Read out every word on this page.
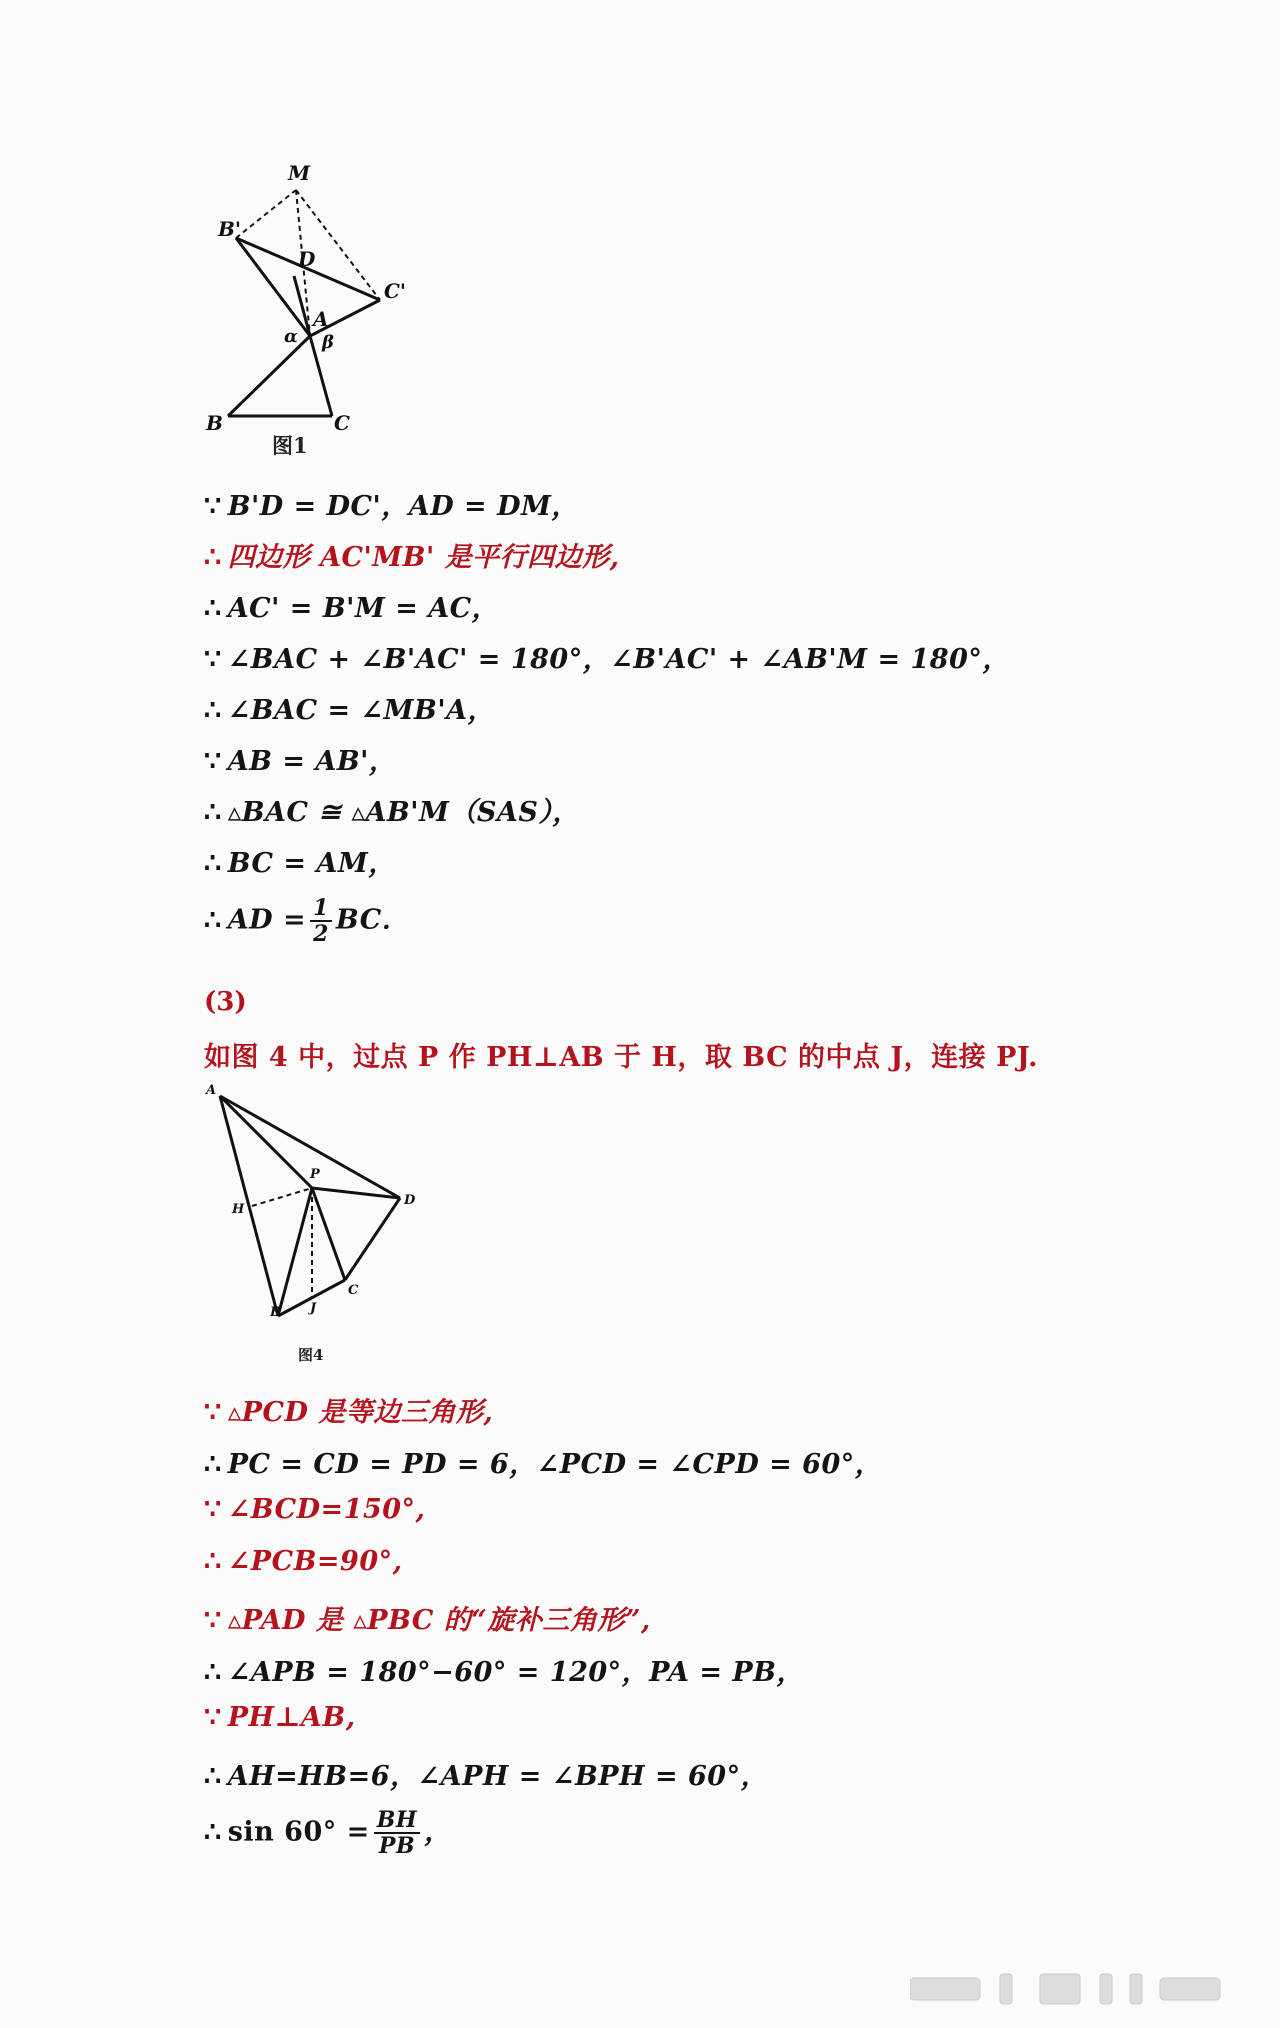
M
B'
D
C'
A
α β
B	C
图1
∵ B'D = DC'，AD = DM，
∴ 四边形 AC'MB' 是平行四边形,
∴ AC' = B'M = AC，
∵ ∠BAC + ∠B'AC' = 180°，∠B'AC' + ∠AB'M = 180°，
∴ ∠BAC = ∠MB'A，
∵ AB = AB'，
∴ ▵BAC ≅ ▵AB'M（SAS），
∴ BC = AM，
∴ AD = $\frac{1}{2}$ BC．
(3)
如图 4 中，过点 P 作 PH⊥AB 于 H，取 BC 的中点 J，连接 PJ.
A
P
D
H
C
B J
图4
∵ ▵PCD 是等边三角形,
∴ PC = CD = PD = 6，∠PCD = ∠CPD = 60°，
∵ ∠BCD=150°,
∴ ∠PCB=90°,
∵ ▵PAD 是 ▵PBC 的“旋补三角形”,
∴ ∠APB = 180°−60° = 120°，PA = PB，
∵ PH⊥AB,
∴ AH=HB=6，∠APH = ∠BPH = 60°，
∴ $\sin 60^\circ = \frac{BH}{PB}$ ，
